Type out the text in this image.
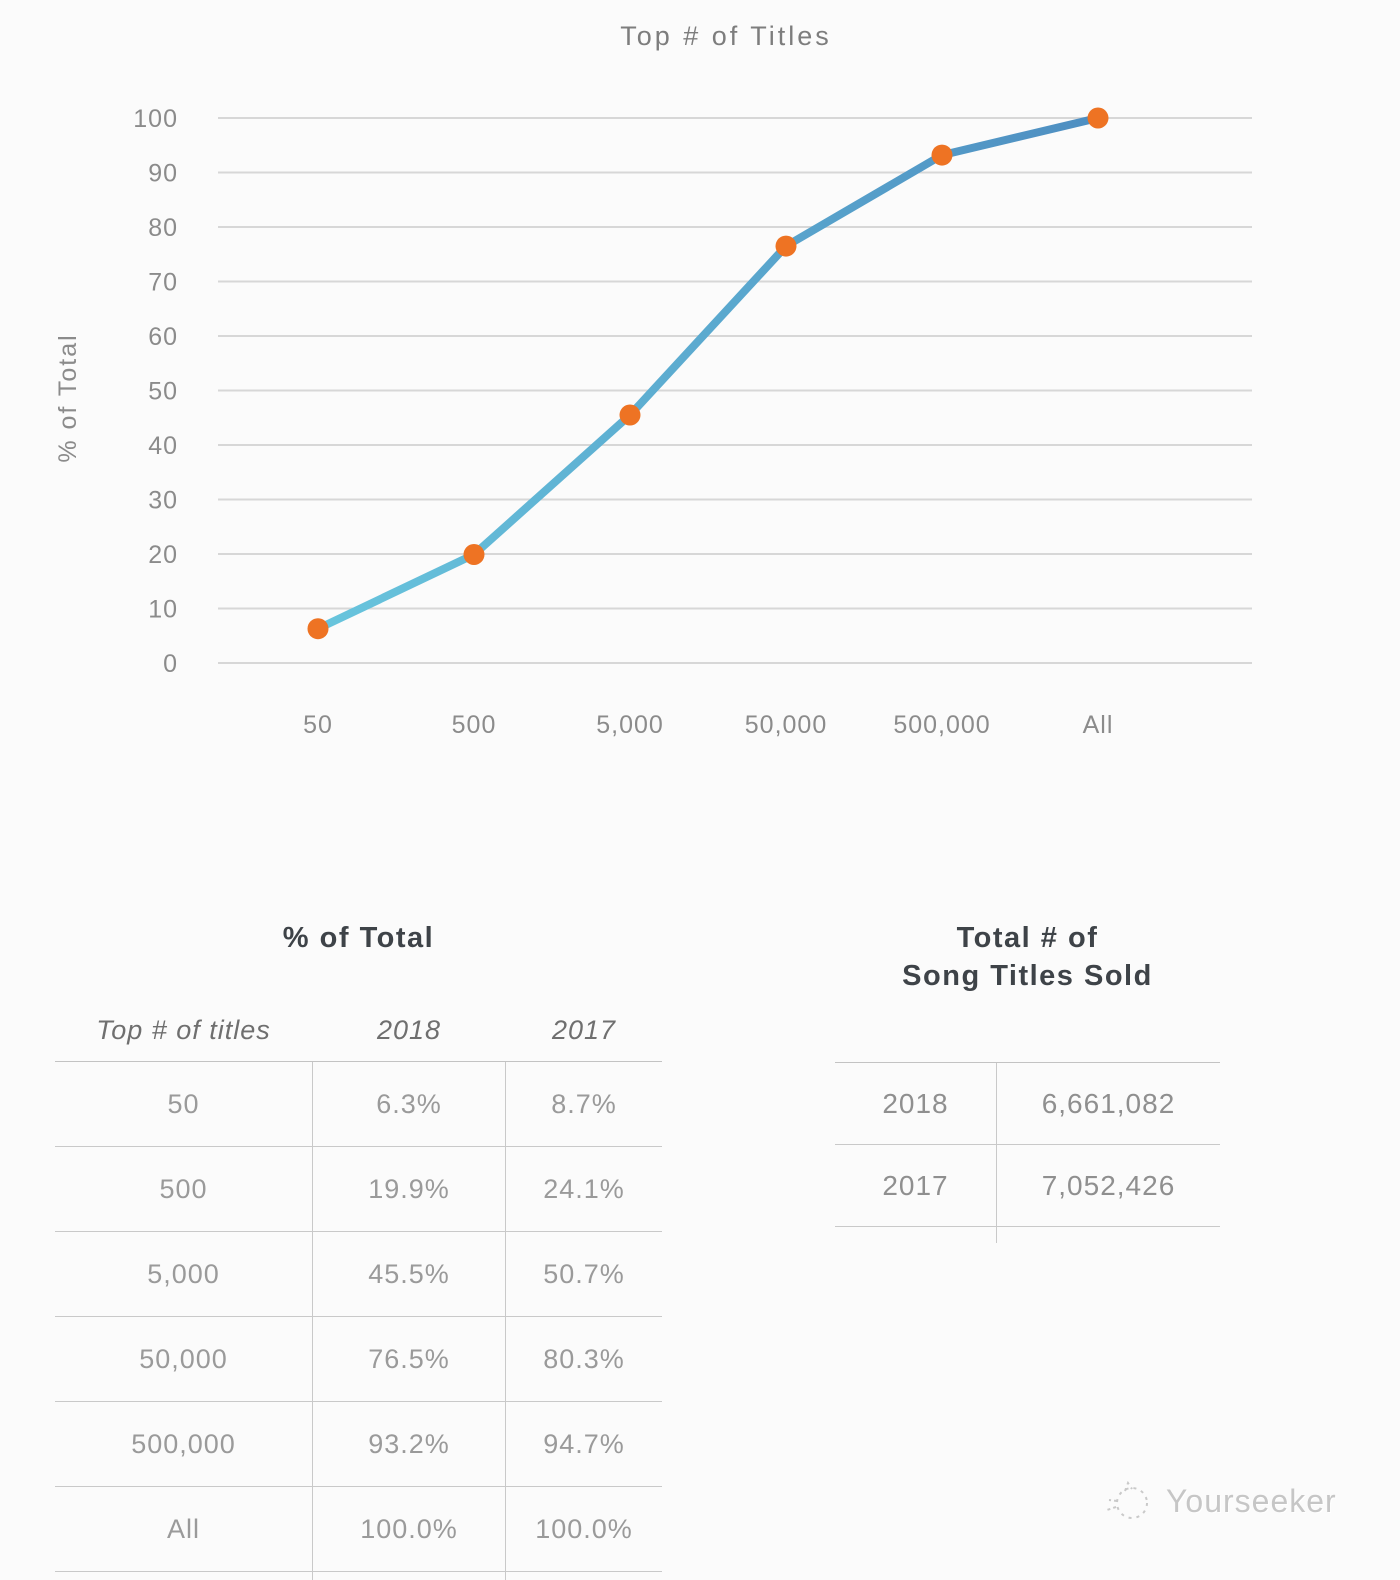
Top # of Titles
% of Total
0
10
20
30
40
50
60
70
80
90
100
50	500	5,000	50,000	500,000	All
% of Total
Top # of titles	2018	2017
50	6.3%	8.7%
500	19.9%	24.1%
5,000	45.5%	50.7%
50,000	76.5%	80.3%
500,000	93.2%	94.7%
All	100.0%	100.0%
Total # of
Song Titles Sold
2018	6,661,082
2017	7,052,426
Yourseeker
